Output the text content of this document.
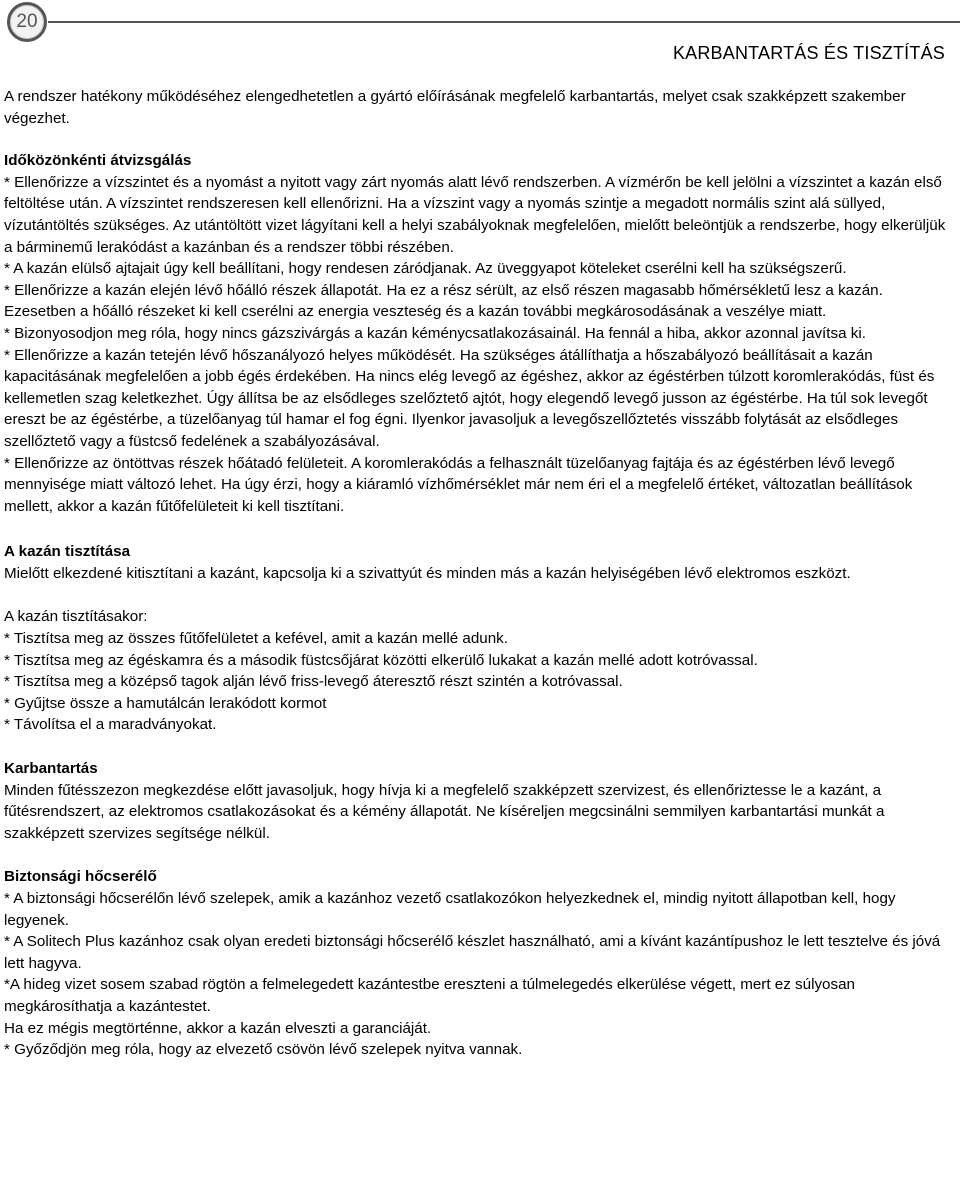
20
KARBANTARTÁS ÉS TISZTÍTÁS

A rendszer hatékony működéséhez elengedhetetlen a gyártó előírásának megfelelő karbantartás, melyet csak szakképzett szakember végezhet.

Időközönkénti átvizsgálás

* Ellenőrizze a vízszintet és a nyomást a nyitott vagy zárt nyomás alatt lévő rendszerben. A vízmérőn be kell jelölni a vízszintet a kazán első feltöltése után. A vízszintet rendszeresen kell ellenőrizni. Ha a vízszint vagy a nyomás szintje a megadott normális szint alá süllyed, vízutántöltés szükséges. Az utántöltött vizet lágyítani kell a helyi szabályoknak megfelelően, mielőtt beleöntjük a rendszerbe, hogy elkerüljük a bárminemű lerakódást a kazánban és a rendszer többi részében.

* A kazán elülső ajtajait úgy kell beállítani, hogy rendesen záródjanak. Az üveggyapot köteleket cserélni kell ha szükségszerű.

* Ellenőrizze a kazán elején lévő hőálló részek állapotát. Ha ez a rész sérült, az első részen magasabb hőmérsékletű lesz a kazán. Ezesetben a hőálló részeket ki kell cserélni az energia veszteség és a kazán további megkárosodásának a veszélye miatt.

* Bizonyosodjon meg róla, hogy nincs gázszivárgás a kazán kéménycsatlakozásainál. Ha fennál a hiba, akkor azonnal javítsa ki.

* Ellenőrizze a kazán tetején lévő hőszanályozó helyes működését. Ha szükséges átállíthatja a hőszabályozó beállításait a kazán kapacitásának megfelelően a jobb égés érdekében. Ha nincs elég levegő az égéshez, akkor az égéstérben túlzott koromlerakódás, füst és kellemetlen szag keletkezhet. Úgy állítsa be az elsődleges szelőztető ajtót, hogy elegendő levegő jusson az égéstérbe. Ha túl sok levegőt ereszt be az égéstérbe, a tüzelőanyag túl hamar el fog égni. Ilyenkor javasoljuk a levegőszellőztetés visszább folytását az elsődleges szellőztető vagy a füstcső fedelének a szabályozásával.

* Ellenőrizze az öntöttvas részek hőátadó felületeit. A koromlerakódás a felhasznált tüzelőanyag fajtája és az égéstérben lévő levegő mennyisége miatt változó lehet. Ha úgy érzi, hogy a kiáramló vízhőmérséklet már nem éri el a megfelelő értéket, változatlan beállítások mellett, akkor a kazán fűtőfelületeit ki kell tisztítani.

A kazán tisztítása

Mielőtt elkezdené kitisztítani a kazánt, kapcsolja ki a szivattyút és minden más a kazán helyiségében lévő elektromos eszközt.

A kazán tisztításakor:

* Tisztítsa meg az összes fűtőfelületet a kefével, amit a kazán mellé adunk.

* Tisztítsa meg az égéskamra és a második füstcsőjárat közötti elkerülő lukakat a kazán mellé adott kotróvassal.

* Tisztítsa meg a középső tagok alján lévő friss-levegő áteresztő részt szintén a kotróvassal.

* Gyűjtse össze a hamutálcán lerakódott kormot

* Távolítsa el a maradványokat.

Karbantartás

Minden fűtésszezon megkezdése előtt javasoljuk, hogy hívja ki a megfelelő szakképzett szervizest, és ellenőriztesse le a kazánt, a fűtésrendszert, az elektromos csatlakozásokat és a kémény állapotát. Ne kíséreljen megcsinálni semmilyen karbantartási munkát a szakképzett szervizes segítsége nélkül.

Biztonsági hőcserélő

* A biztonsági hőcserélőn lévő szelepek, amik a kazánhoz vezető csatlakozókon helyezkednek el, mindig nyitott állapotban kell, hogy legyenek.

* A Solitech Plus kazánhoz csak olyan eredeti biztonsági hőcserélő készlet használható, ami a kívánt kazántípushoz le lett tesztelve és jóvá lett hagyva.

*A hideg vizet sosem szabad rögtön a felmelegedett kazántestbe ereszteni a túlmelegedés elkerülése végett, mert ez súlyosan megkárosíthatja a kazántestet.

Ha ez mégis megtörténne, akkor a kazán elveszti a garanciáját.

* Győződjön meg róla, hogy az elvezető csövön lévő szelepek nyitva vannak.
